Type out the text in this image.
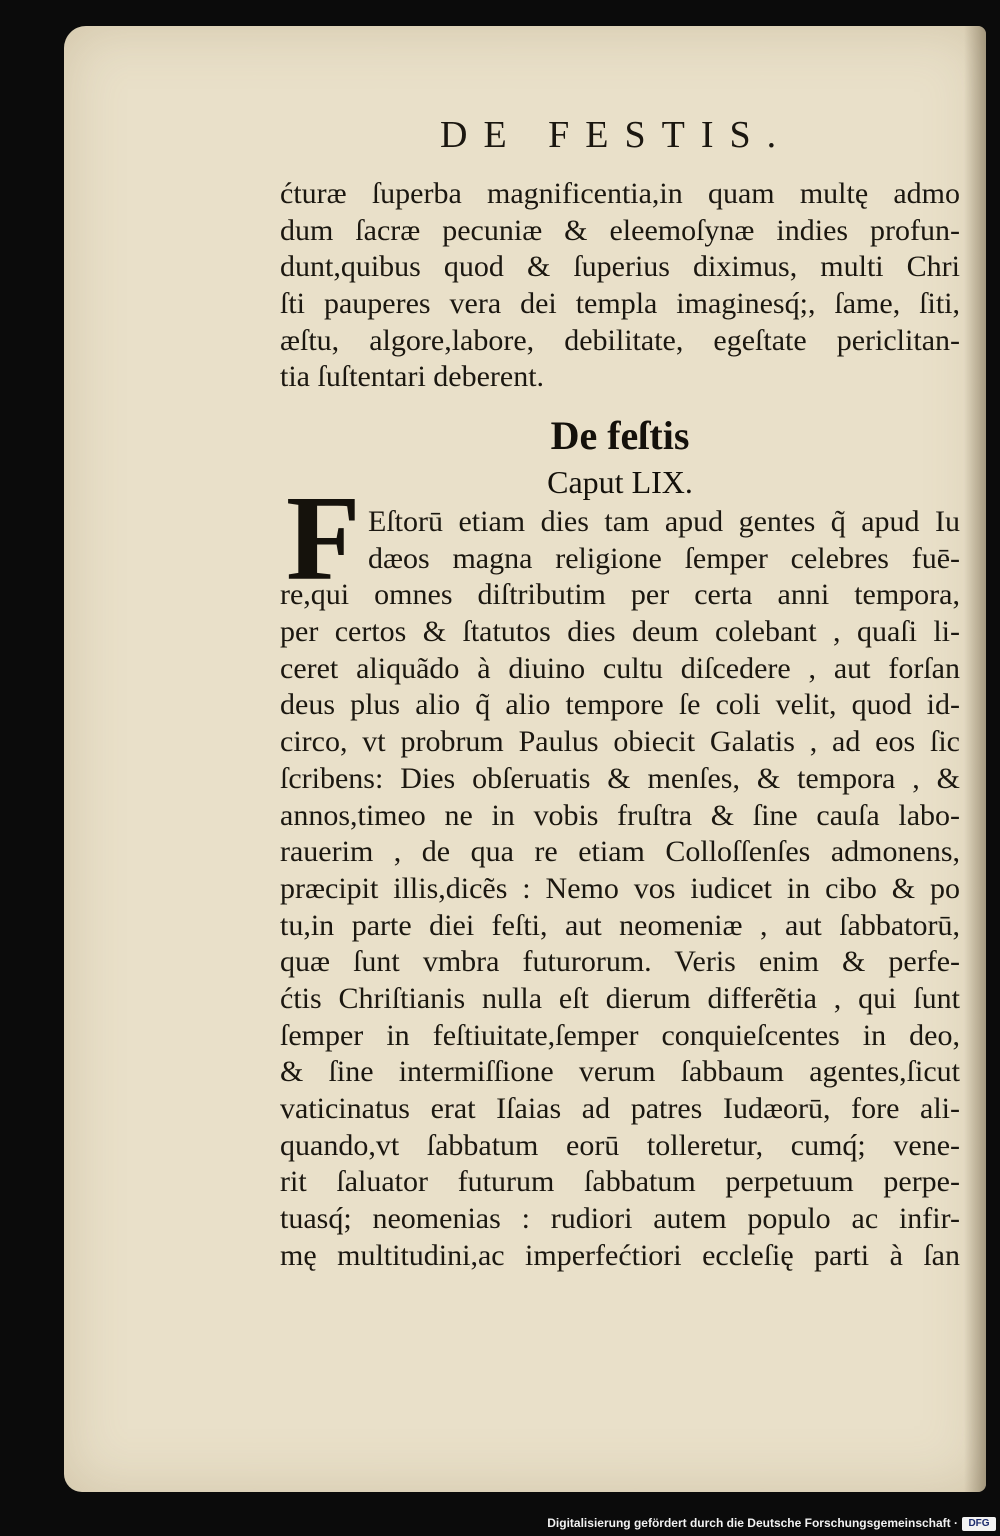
DE FESTIS.
ćturæ ſuperba magnificentia,in quam multę admo
dum ſacræ pecuniæ & eleemoſynæ indies profun-
dunt,quibus quod & ſuperius diximus, multi Chri
ſti pauperes vera dei templa imaginesq́;, ſame, ſiti,
æſtu, algore,labore, debilitate, egeſtate periclitan-
tia ſuſtentari deberent.
De feſtis
Caput LIX.
F Eſtorū etiam dies tam apud gentes q̃ apud Iu
dæos magna religione ſemper celebres fuē-
re,qui omnes diſtributim per certa anni tempora,
per certos & ſtatutos dies deum colebant , quaſi li-
ceret aliquãdo à diuino cultu diſcedere , aut forſan
deus plus alio q̃ alio tempore ſe coli velit, quod id-
circo, vt probrum Paulus obiecit Galatis , ad eos ſic
ſcribens: Dies obſeruatis & menſes, & tempora , &
annos,timeo ne in vobis fruſtra & ſine cauſa labo-
rauerim , de qua re etiam Colloſſenſes admonens,
præcipit illis,dicẽs : Nemo vos iudicet in cibo & po
tu,in parte diei feſti, aut neomeniæ , aut ſabbatorū,
quæ ſunt vmbra futurorum. Veris enim & perfe-
ćtis Chriſtianis nulla eſt dierum differẽtia , qui ſunt
ſemper in feſtiuitate,ſemper conquieſcentes in deo,
& ſine intermiſſione verum ſabbaum agentes,ſicut
vaticinatus erat Iſaias ad patres Iudæorū, fore ali-
quando,vt ſabbatum eorū tolleretur, cumq́; vene-
rit ſaluator futurum ſabbatum perpetuum perpe-
tuasq́; neomenias : rudiori autem populo ac infir-
mę multitudini,ac imperfećtiori eccleſię parti à ſan
Digitalisierung gefördert durch die Deutsche Forschungsgemeinschaft ·	DFG
